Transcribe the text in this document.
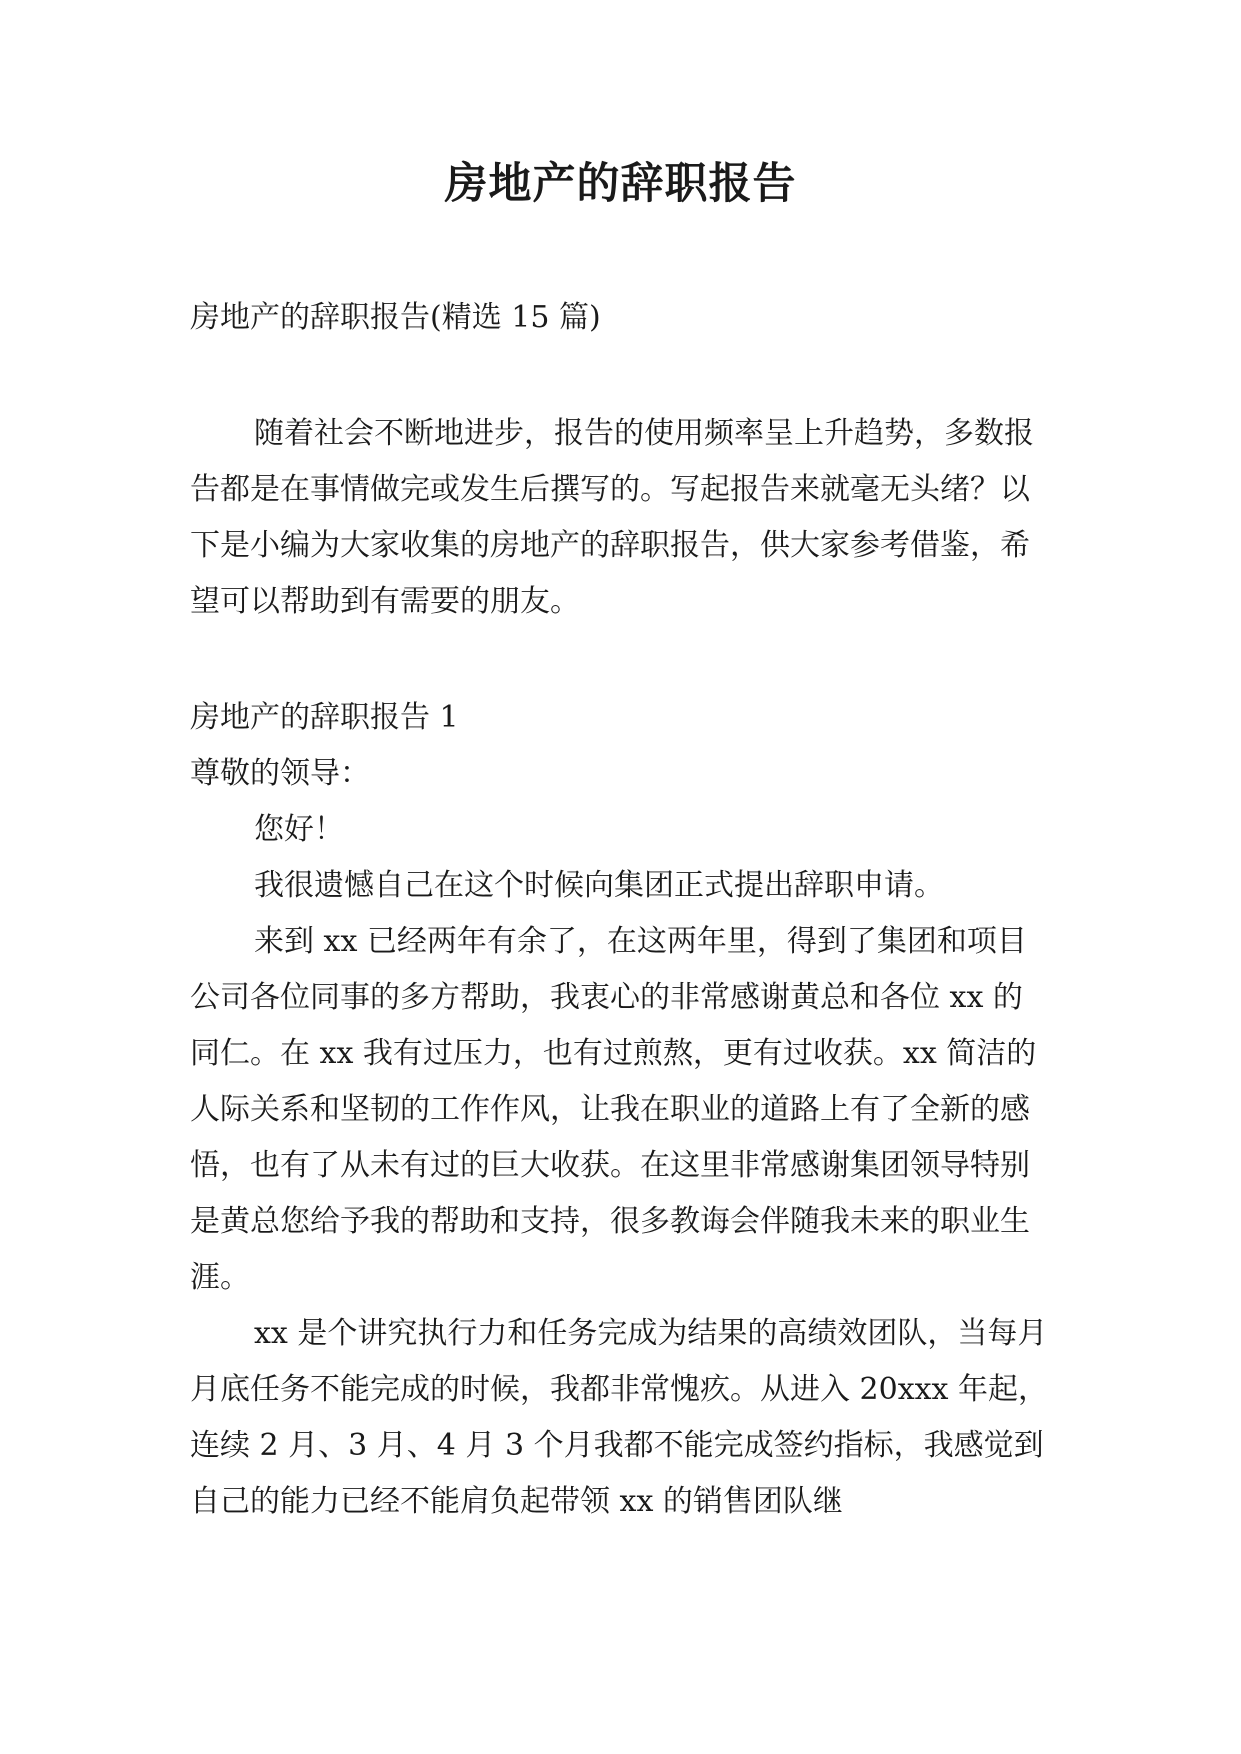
房地产的辞职报告

房地产的辞职报告(精选 15 篇)

随着社会不断地进步，报告的使用频率呈上升趋势，多数报告都是在事情做完或发生后撰写的。写起报告来就毫无头绪？以下是小编为大家收集的房地产的辞职报告，供大家参考借鉴，希望可以帮助到有需要的朋友。

房地产的辞职报告 1

尊敬的领导：

您好！

我很遗憾自己在这个时候向集团正式提出辞职申请。

来到 xx 已经两年有余了，在这两年里，得到了集团和项目公司各位同事的多方帮助，我衷心的非常感谢黄总和各位 xx 的同仁。在 xx 我有过压力，也有过煎熬，更有过收获。xx 简洁的人际关系和坚韧的工作作风，让我在职业的道路上有了全新的感悟，也有了从未有过的巨大收获。在这里非常感谢集团领导特别是黄总您给予我的帮助和支持，很多教诲会伴随我未来的职业生涯。

xx 是个讲究执行力和任务完成为结果的高绩效团队，当每月月底任务不能完成的时候，我都非常愧疚。从进入 20xxx 年起，连续 2 月、3 月、4 月 3 个月我都不能完成签约指标，我感觉到自己的能力已经不能肩负起带领 xx 的销售团队继
